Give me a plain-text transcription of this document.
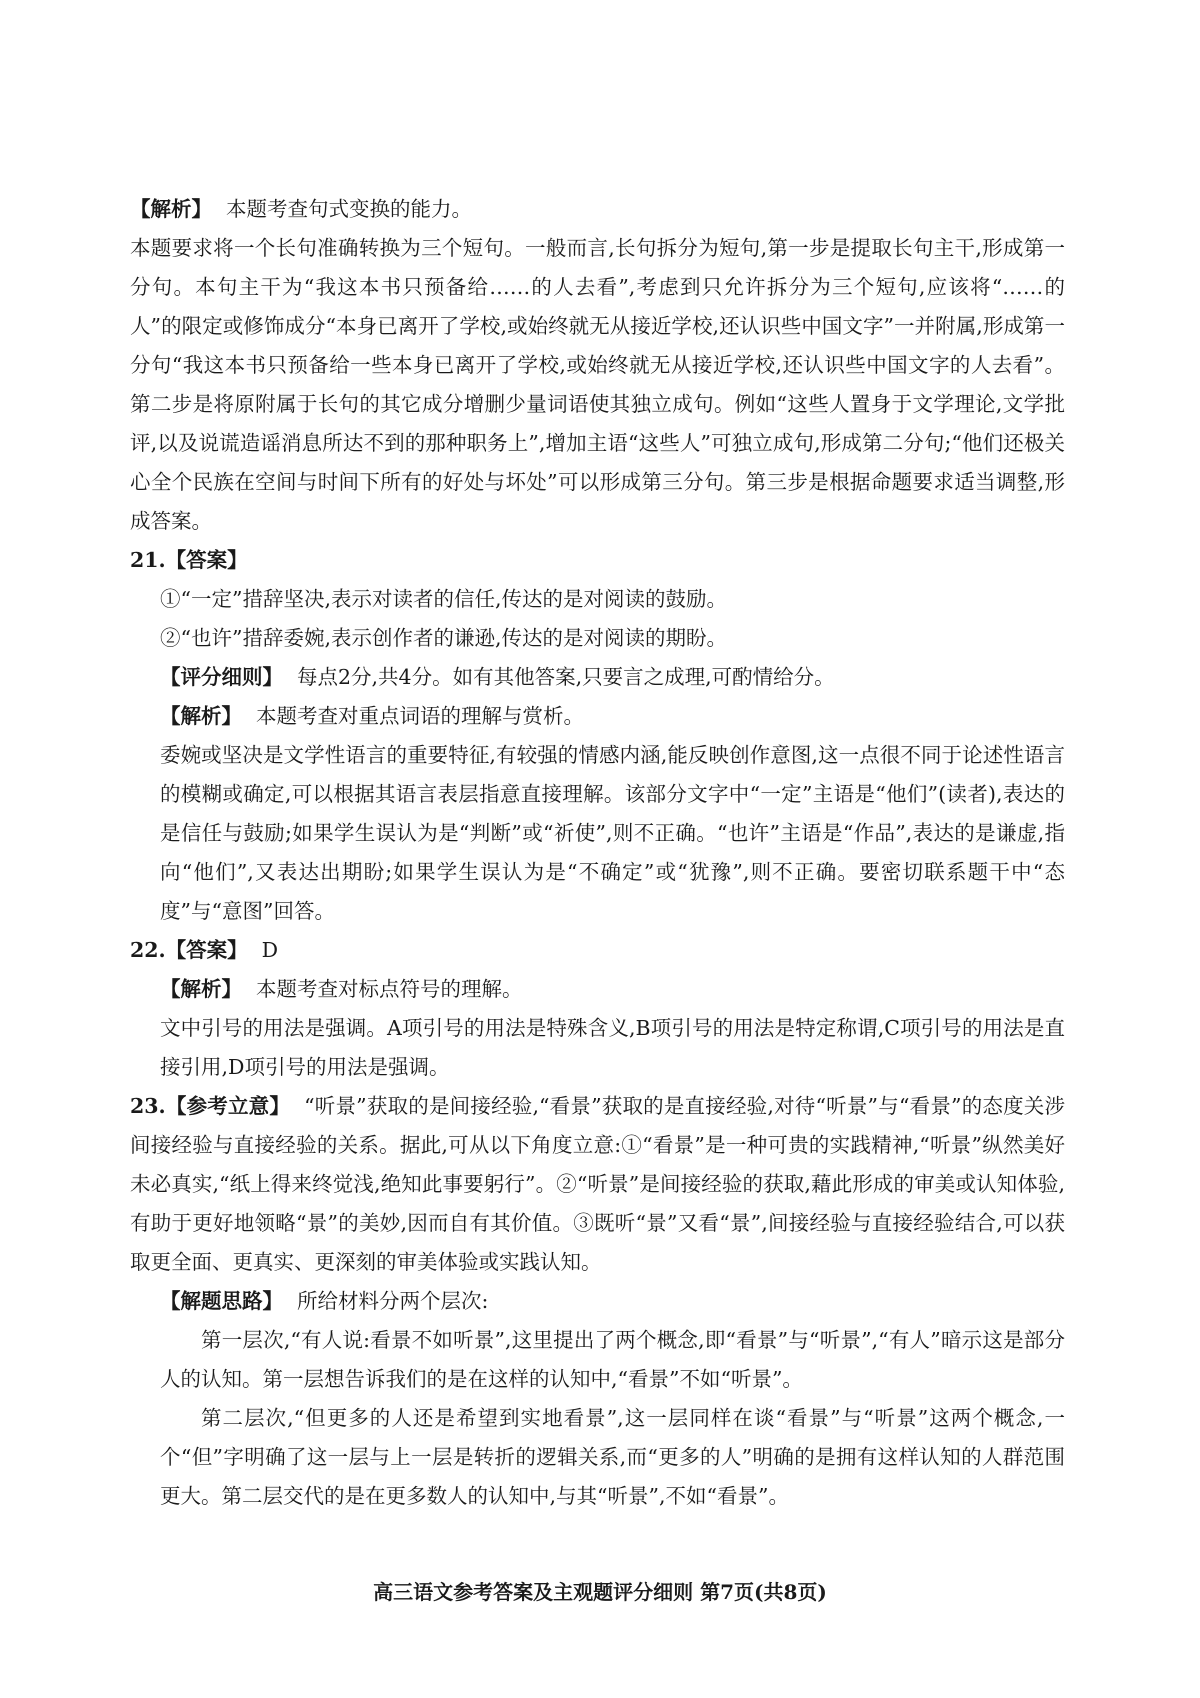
【解析】 本题考查句式变换的能力。

本题要求将一个长句准确转换为三个短句。一般而言,长句拆分为短句,第一步是提取长句主干,形成第一分句。本句主干为“我这本书只预备给……的人去看”,考虑到只允许拆分为三个短句,应该将“……的人”的限定或修饰成分“本身已离开了学校,或始终就无从接近学校,还认识些中国文字”一并附属,形成第一分句“我这本书只预备给一些本身已离开了学校,或始终就无从接近学校,还认识些中国文字的人去看”。第二步是将原附属于长句的其它成分增删少量词语使其独立成句。例如“这些人置身于文学理论,文学批评,以及说谎造谣消息所达不到的那种职务上”,增加主语“这些人”可独立成句,形成第二分句;“他们还极关心全个民族在空间与时间下所有的好处与坏处”可以形成第三分句。第三步是根据命题要求适当调整,形成答案。

21.【答案】

①“一定”措辞坚决,表示对读者的信任,传达的是对阅读的鼓励。

②“也许”措辞委婉,表示创作者的谦逊,传达的是对阅读的期盼。

【评分细则】 每点2分,共4分。如有其他答案,只要言之成理,可酌情给分。

【解析】 本题考查对重点词语的理解与赏析。

委婉或坚决是文学性语言的重要特征,有较强的情感内涵,能反映创作意图,这一点很不同于论述性语言的模糊或确定,可以根据其语言表层指意直接理解。该部分文字中“一定”主语是“他们”(读者),表达的是信任与鼓励;如果学生误认为是“判断”或“祈使”,则不正确。“也许”主语是“作品”,表达的是谦虚,指向“他们”,又表达出期盼;如果学生误认为是“不确定”或“犹豫”,则不正确。要密切联系题干中“态度”与“意图”回答。

22.【答案】 D

【解析】 本题考查对标点符号的理解。

文中引号的用法是强调。A项引号的用法是特殊含义,B项引号的用法是特定称谓,C项引号的用法是直接引用,D项引号的用法是强调。

23.【参考立意】 “听景”获取的是间接经验,“看景”获取的是直接经验,对待“听景”与“看景”的态度关涉间接经验与直接经验的关系。据此,可从以下角度立意:①“看景”是一种可贵的实践精神,“听景”纵然美好未必真实,“纸上得来终觉浅,绝知此事要躬行”。②“听景”是间接经验的获取,藉此形成的审美或认知体验,有助于更好地领略“景”的美妙,因而自有其价值。③既听“景”又看“景”,间接经验与直接经验结合,可以获取更全面、更真实、更深刻的审美体验或实践认知。

【解题思路】 所给材料分两个层次:

第一层次,“有人说:看景不如听景”,这里提出了两个概念,即“看景”与“听景”,“有人”暗示这是部分人的认知。第一层想告诉我们的是在这样的认知中,“看景”不如“听景”。

第二层次,“但更多的人还是希望到实地看景”,这一层同样在谈“看景”与“听景”这两个概念,一个“但”字明确了这一层与上一层是转折的逻辑关系,而“更多的人”明确的是拥有这样认知的人群范围更大。第二层交代的是在更多数人的认知中,与其“听景”,不如“看景”。

高三语文参考答案及主观题评分细则 第7页(共8页)
